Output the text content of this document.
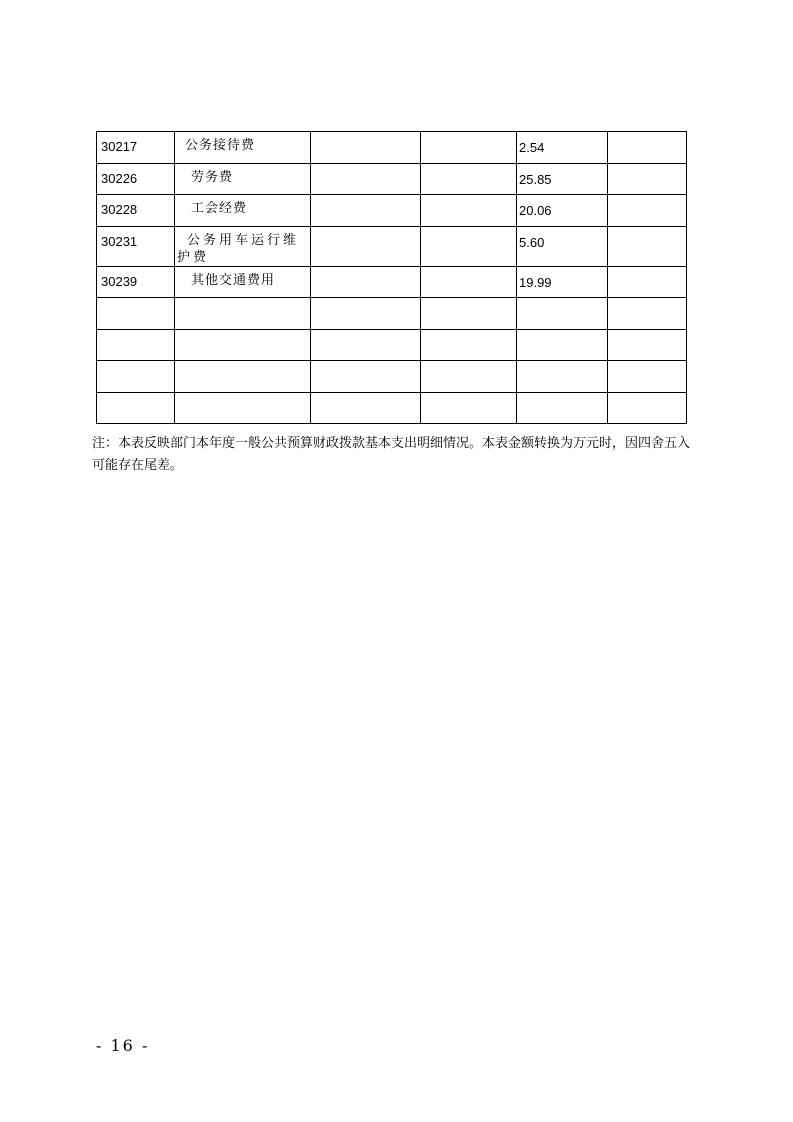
30217	公务接待费			2.54	
30226	劳务费			25.85	
30228	工会经费			20.06	
30231	公务用车运行维护费			5.60	
30239	其他交通费用			19.99	

注：本表反映部门本年度一般公共预算财政拨款基本支出明细情况。本表金额转换为万元时，因四舍五入可能存在尾差。
- 16 -
